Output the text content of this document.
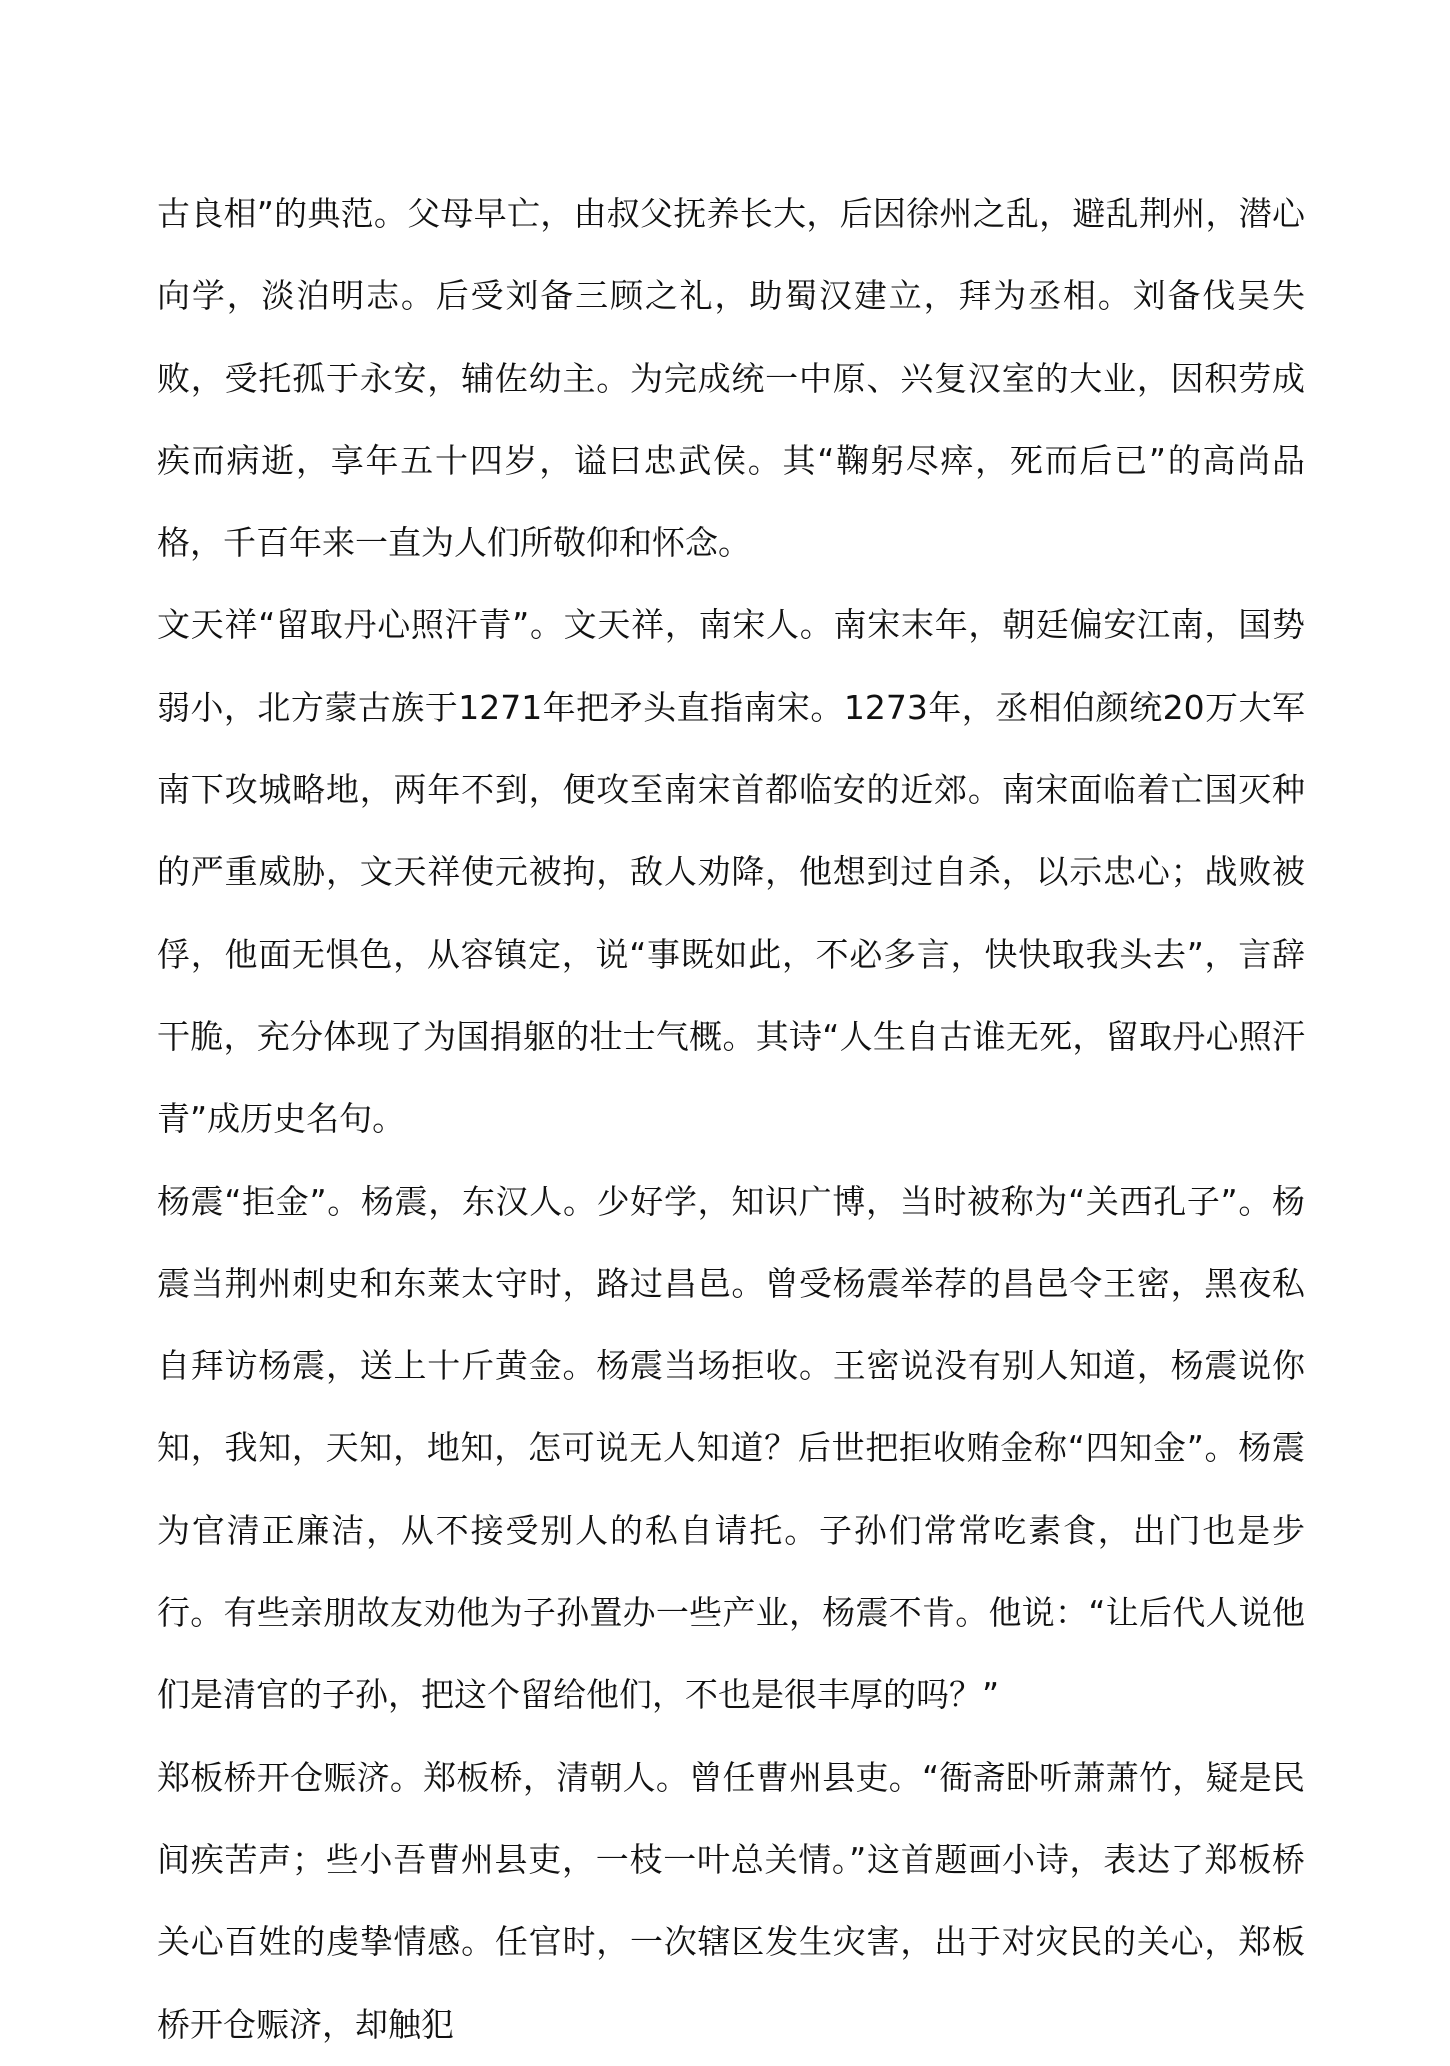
古良相”的典范。父母早亡，由叔父抚养长大，后因徐州之乱，避乱荆州，潜心向学，淡泊明志。后受刘备三顾之礼，助蜀汉建立，拜为丞相。刘备伐吴失败，受托孤于永安，辅佐幼主。为完成统一中原、兴复汉室的大业，因积劳成疾而病逝，享年五十四岁，谥曰忠武侯。其“鞠躬尽瘁，死而后已”的高尚品格，千百年来一直为人们所敬仰和怀念。

文天祥“留取丹心照汗青”。文天祥，南宋人。南宋末年，朝廷偏安江南，国势弱小，北方蒙古族于1271年把矛头直指南宋。1273年，丞相伯颜统20万大军南下攻城略地，两年不到，便攻至南宋首都临安的近郊。南宋面临着亡国灭种的严重威胁，文天祥使元被拘，敌人劝降，他想到过自杀，以示忠心；战败被俘，他面无惧色，从容镇定，说“事既如此，不必多言，快快取我头去”，言辞干脆，充分体现了为国捐躯的壮士气概。其诗“人生自古谁无死，留取丹心照汗青”成历史名句。

杨震“拒金”。杨震，东汉人。少好学，知识广博，当时被称为“关西孔子”。杨震当荆州刺史和东莱太守时，路过昌邑。曾受杨震举荐的昌邑令王密，黑夜私自拜访杨震，送上十斤黄金。杨震当场拒收。王密说没有别人知道，杨震说你知，我知，天知，地知，怎可说无人知道？后世把拒收贿金称“四知金”。杨震为官清正廉洁，从不接受别人的私自请托。子孙们常常吃素食，出门也是步行。有些亲朋故友劝他为子孙置办一些产业，杨震不肯。他说：“让后代人说他们是清官的子孙，把这个留给他们，不也是很丰厚的吗？”

郑板桥开仓赈济。郑板桥，清朝人。曾任曹州县吏。“衙斋卧听萧萧竹，疑是民间疾苦声；些小吾曹州县吏，一枝一叶总关情。”这首题画小诗，表达了郑板桥关心百姓的虔挚情感。任官时，一次辖区发生灾害，出于对灾民的关心，郑板桥开仓赈济，却触犯
